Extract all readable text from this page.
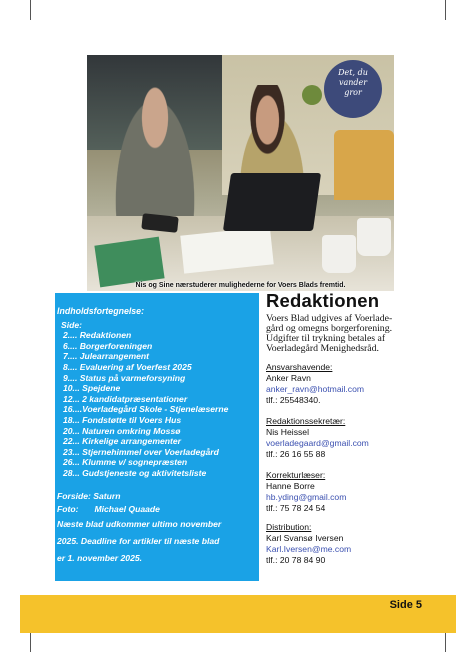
Det, du
vander
gror
Nis og Sine nærstuderer mulighederne for Voers Blads fremtid.
Indholdsfortegnelse:
Side:
2.... Redaktionen
6.... Borgerforeningen
7.... Julearrangement
8.... Evaluering af Voerfest 2025
9.... Status på varmeforsyning
10... Spejdene
12... 2 kandidatpræsentationer
16....Voerladegård Skole - Stjenelæserne
18... Fondstøtte til Voers Hus
20... Naturen omkring Mossø
22... Kirkelige arrangementer
23... Stjernehimmel over Voerladegård
26... Klumme v/ sognepræsten
28... Gudstjeneste og aktivitetsliste
Forside: Saturn
Foto: Michael Quaade
Næste blad udkommer ultimo november
2025. Deadline for artikler til næste blad
er 1. november 2025.
Redaktionen
Voers Blad udgives af Voerlade-
gård og omegns borgerforening.
Udgifter til trykning betales af
Voerladegård Menighedsråd.
Ansvarshavende:
Anker Ravn
anker_ravn@hotmail.com
tlf.: 25548340.
Redaktionssekretær:
Nis Heissel
voerladegaard@gmail.com
tlf.: 26 16 55 88
Korrekturlæser:
Hanne Borre
hb.yding@gmail.com
tlf.: 75 78 24 54
Distribution:
Karl Svansø Iversen
Karl.Iversen@me.com
tlf.: 20 78 84 90
Side 5
